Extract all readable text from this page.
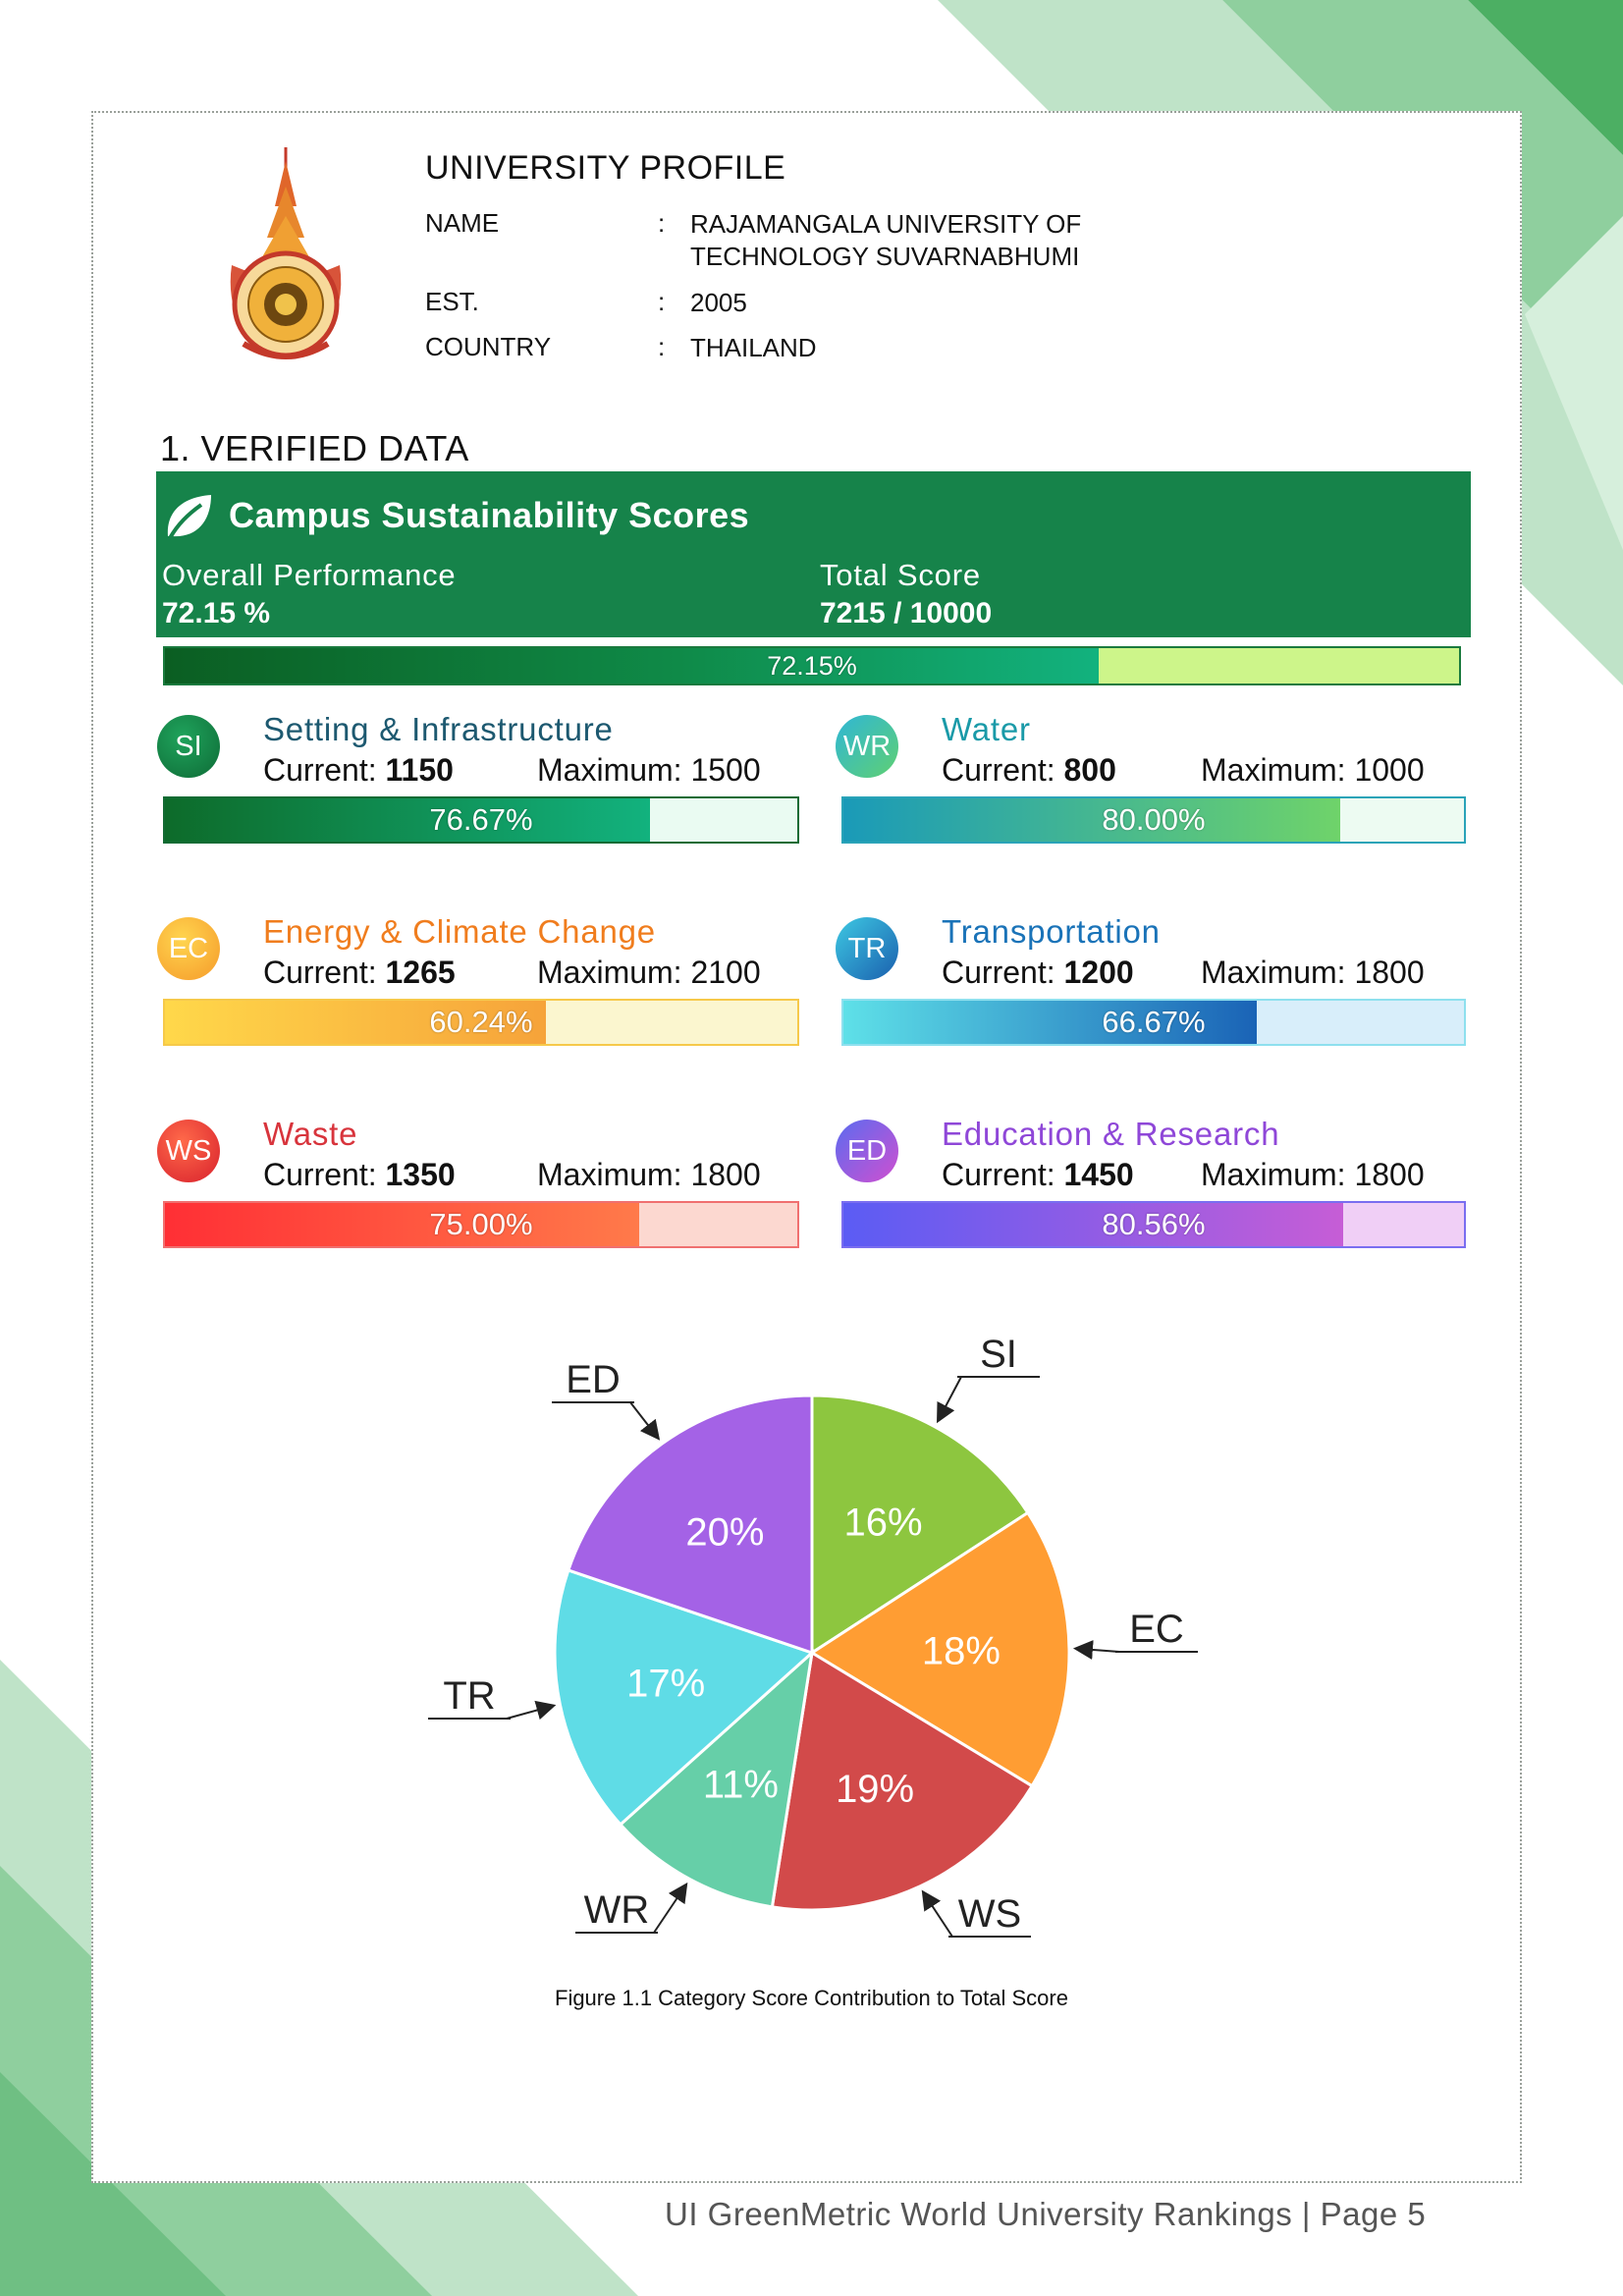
UNIVERSITY PROFILE
NAME	: RAJAMANGALA UNIVERSITY OF
TECHNOLOGY SUVARNABHUMI
EST.	: 2005
COUNTRY	: THAILAND
1. VERIFIED DATA
Campus Sustainability Scores
Overall Performance
72.15 %
Total Score
7215 / 10000
72.15%
SI	Setting & Infrastructure
Current: 1150	Maximum: 1500
76.67%
WR Water
Current: 800	Maximum: 1000
80.00%
EC	Energy & Climate Change
Current: 1265	Maximum: 2100
60.24%
TR	Transportation
Current: 1200 Maximum: 1800
66.67%
WS Waste
Current: 1350	Maximum: 1800
75.00%
ED	Education & Research
Current: 1450 Maximum: 1800
80.56%
16%
18%
19%
11%
17%
20%
SI
EC
WS
WR
TR
ED
Figure 1.1 Category Score Contribution to Total Score
UI GreenMetric World University Rankings | Page 5
